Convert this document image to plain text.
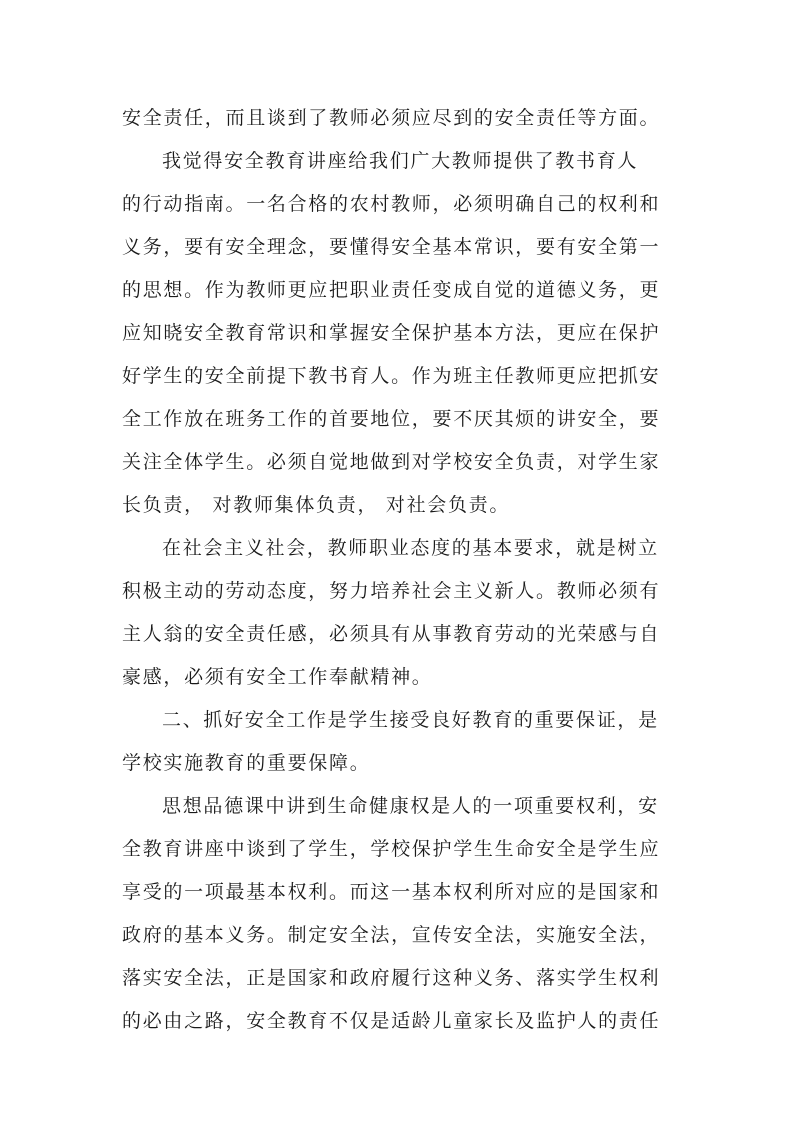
安全责任，而且谈到了教师必须应尽到的安全责任等方面。
我觉得安全教育讲座给我们广大教师提供了教书育人
的行动指南。一名合格的农村教师，必须明确自己的权利和
义务，要有安全理念，要懂得安全基本常识，要有安全第一
的思想。作为教师更应把职业责任变成自觉的道德义务，更
应知晓安全教育常识和掌握安全保护基本方法，更应在保护
好学生的安全前提下教书育人。作为班主任教师更应把抓安
全工作放在班务工作的首要地位，要不厌其烦的讲安全，要
关注全体学生。必须自觉地做到对学校安全负责，对学生家
长负责， 对教师集体负责， 对社会负责。
在社会主义社会，教师职业态度的基本要求，就是树立
积极主动的劳动态度，努力培养社会主义新人。教师必须有
主人翁的安全责任感，必须具有从事教育劳动的光荣感与自
豪感，必须有安全工作奉献精神。
二、抓好安全工作是学生接受良好教育的重要保证，是
学校实施教育的重要保障。
思想品德课中讲到生命健康权是人的一项重要权利，安
全教育讲座中谈到了学生，学校保护学生生命安全是学生应
享受的一项最基本权利。而这一基本权利所对应的是国家和
政府的基本义务。制定安全法，宣传安全法，实施安全法，
落实安全法，正是国家和政府履行这种义务、落实学生权利
的必由之路，安全教育不仅是适龄儿童家长及监护人的责任
